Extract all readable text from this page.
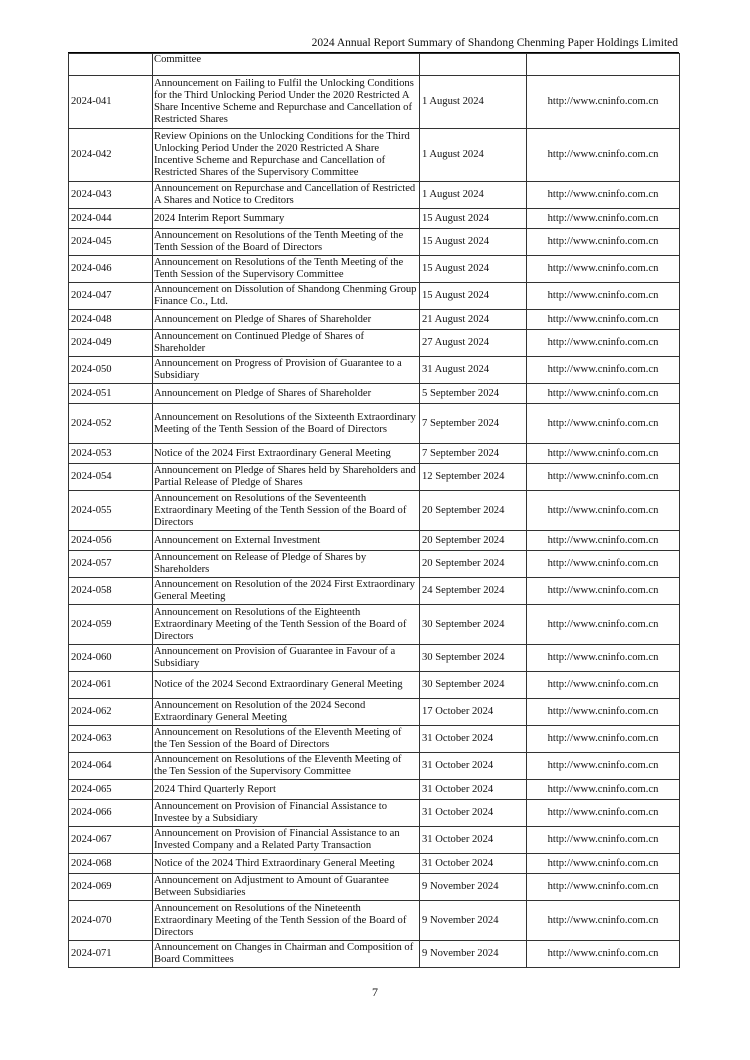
2024 Annual Report Summary of Shandong Chenming Paper Holdings Limited
	Committee		
2024-041	Announcement on Failing to Fulfil the Unlocking Conditions for the Third Unlocking Period Under the 2020 Restricted A Share Incentive Scheme and Repurchase and Cancellation of Restricted Shares	1 August 2024	http://www.cninfo.com.cn
2024-042	Review Opinions on the Unlocking Conditions for the Third Unlocking Period Under the 2020 Restricted A Share Incentive Scheme and Repurchase and Cancellation of Restricted Shares of the Supervisory Committee	1 August 2024	http://www.cninfo.com.cn
2024-043	Announcement on Repurchase and Cancellation of Restricted A Shares and Notice to Creditors	1 August 2024	http://www.cninfo.com.cn
2024-044	2024 Interim Report Summary	15 August 2024	http://www.cninfo.com.cn
2024-045	Announcement on Resolutions of the Tenth Meeting of the Tenth Session of the Board of Directors	15 August 2024	http://www.cninfo.com.cn
2024-046	Announcement on Resolutions of the Tenth Meeting of the Tenth Session of the Supervisory Committee	15 August 2024	http://www.cninfo.com.cn
2024-047	Announcement on Dissolution of Shandong Chenming Group Finance Co., Ltd.	15 August 2024	http://www.cninfo.com.cn
2024-048	Announcement on Pledge of Shares of Shareholder	21 August 2024	http://www.cninfo.com.cn
2024-049	Announcement on Continued Pledge of Shares of Shareholder	27 August 2024	http://www.cninfo.com.cn
2024-050	Announcement on Progress of Provision of Guarantee to a Subsidiary	31 August 2024	http://www.cninfo.com.cn
2024-051	Announcement on Pledge of Shares of Shareholder	5 September 2024	http://www.cninfo.com.cn
2024-052	Announcement on Resolutions of the Sixteenth Extraordinary Meeting of the Tenth Session of the Board of Directors	7 September 2024	http://www.cninfo.com.cn
2024-053	Notice of the 2024 First Extraordinary General Meeting	7 September 2024	http://www.cninfo.com.cn
2024-054	Announcement on Pledge of Shares held by Shareholders and Partial Release of Pledge of Shares	12 September 2024	http://www.cninfo.com.cn
2024-055	Announcement on Resolutions of the Seventeenth Extraordinary Meeting of the Tenth Session of the Board of Directors	20 September 2024	http://www.cninfo.com.cn
2024-056	Announcement on External Investment	20 September 2024	http://www.cninfo.com.cn
2024-057	Announcement on Release of Pledge of Shares by Shareholders	20 September 2024	http://www.cninfo.com.cn
2024-058	Announcement on Resolution of the 2024 First Extraordinary General Meeting	24 September 2024	http://www.cninfo.com.cn
2024-059	Announcement on Resolutions of the Eighteenth Extraordinary Meeting of the Tenth Session of the Board of Directors	30 September 2024	http://www.cninfo.com.cn
2024-060	Announcement on Provision of Guarantee in Favour of a Subsidiary	30 September 2024	http://www.cninfo.com.cn
2024-061	Notice of the 2024 Second Extraordinary General Meeting	30 September 2024	http://www.cninfo.com.cn
2024-062	Announcement on Resolution of the 2024 Second Extraordinary General Meeting	17 October 2024	http://www.cninfo.com.cn
2024-063	Announcement on Resolutions of the Eleventh Meeting of the Ten Session of the Board of Directors	31 October 2024	http://www.cninfo.com.cn
2024-064	Announcement on Resolutions of the Eleventh Meeting of the Ten Session of the Supervisory Committee	31 October 2024	http://www.cninfo.com.cn
2024-065	2024 Third Quarterly Report	31 October 2024	http://www.cninfo.com.cn
2024-066	Announcement on Provision of Financial Assistance to Investee by a Subsidiary	31 October 2024	http://www.cninfo.com.cn
2024-067	Announcement on Provision of Financial Assistance to an Invested Company and a Related Party Transaction	31 October 2024	http://www.cninfo.com.cn
2024-068	Notice of the 2024 Third Extraordinary General Meeting	31 October 2024	http://www.cninfo.com.cn
2024-069	Announcement on Adjustment to Amount of Guarantee Between Subsidiaries	9 November 2024	http://www.cninfo.com.cn
2024-070	Announcement on Resolutions of the Nineteenth Extraordinary Meeting of the Tenth Session of the Board of Directors	9 November 2024	http://www.cninfo.com.cn
2024-071	Announcement on Changes in Chairman and Composition of Board Committees	9 November 2024	http://www.cninfo.com.cn
7
